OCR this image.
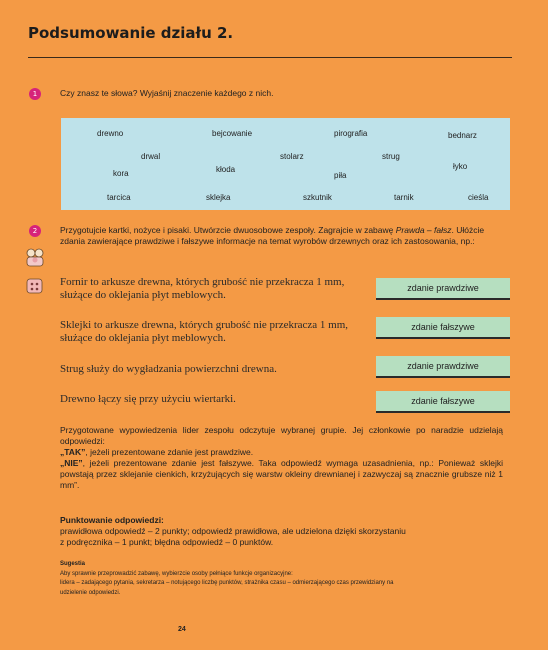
Podsumowanie działu 2.
1	Czy znasz te słowa? Wyjaśnij znaczenie każdego z nich.
drewno	bejcowanie	pirografia	bednarz
drwal
kora	kłoda
stolarz	strug
łyko
piła
tarcica	sklejka	szkutnik	tarnik	cieśla
2	Przygotujcie kartki, nożyce i pisaki. Utwórzcie dwuosobowe zespoły. Zagrajcie w zabawę Prawda – fałsz. Ułóżcie zdania zawierające prawdziwe i fałszywe informacje na temat wyrobów drzewnych oraz ich zastosowania, np.:
Fornir to arkusze drewna, których grubość nie przekracza 1 mm, służące do oklejania płyt meblowych.
zdanie prawdziwe
Sklejki to arkusze drewna, których grubość nie przekracza 1 mm, służące do oklejania płyt meblowych.
zdanie fałszywe
Strug służy do wygładzania powierzchni drewna.	zdanie prawdziwe
Drewno łączy się przy użyciu wiertarki.	zdanie fałszywe

Przygotowane wypowiedzenia lider zespołu odczytuje wybranej grupie. Jej członkowie po naradzie udzielają odpowiedzi:

„TAK”, jeżeli prezentowane zdanie jest prawdziwe.

„NIE”, jeżeli prezentowane zdanie jest fałszywe. Taka odpowiedź wymaga uzasadnienia, np.: Ponieważ sklejki powstają przez sklejanie cienkich, krzyżujących się warstw okleiny drewnianej i zazwyczaj są znacznie grubsze niż 1 mm”.

Punktowanie odpowiedzi:

prawidłowa odpowiedź – 2 punkty; odpowiedź prawidłowa, ale udzielona dzięki skorzystaniu

z podręcznika – 1 punkt; błędna odpowiedź – 0 punktów.

Sugestia

Aby sprawnie przeprowadzić zabawę, wybierzcie osoby pełniące funkcje organizacyjne:

lidera – zadającego pytania, sekretarza – notującego liczbę punktów, strażnika czasu – odmierzającego czas przewidziany na

udzielenie odpowiedzi.

24
